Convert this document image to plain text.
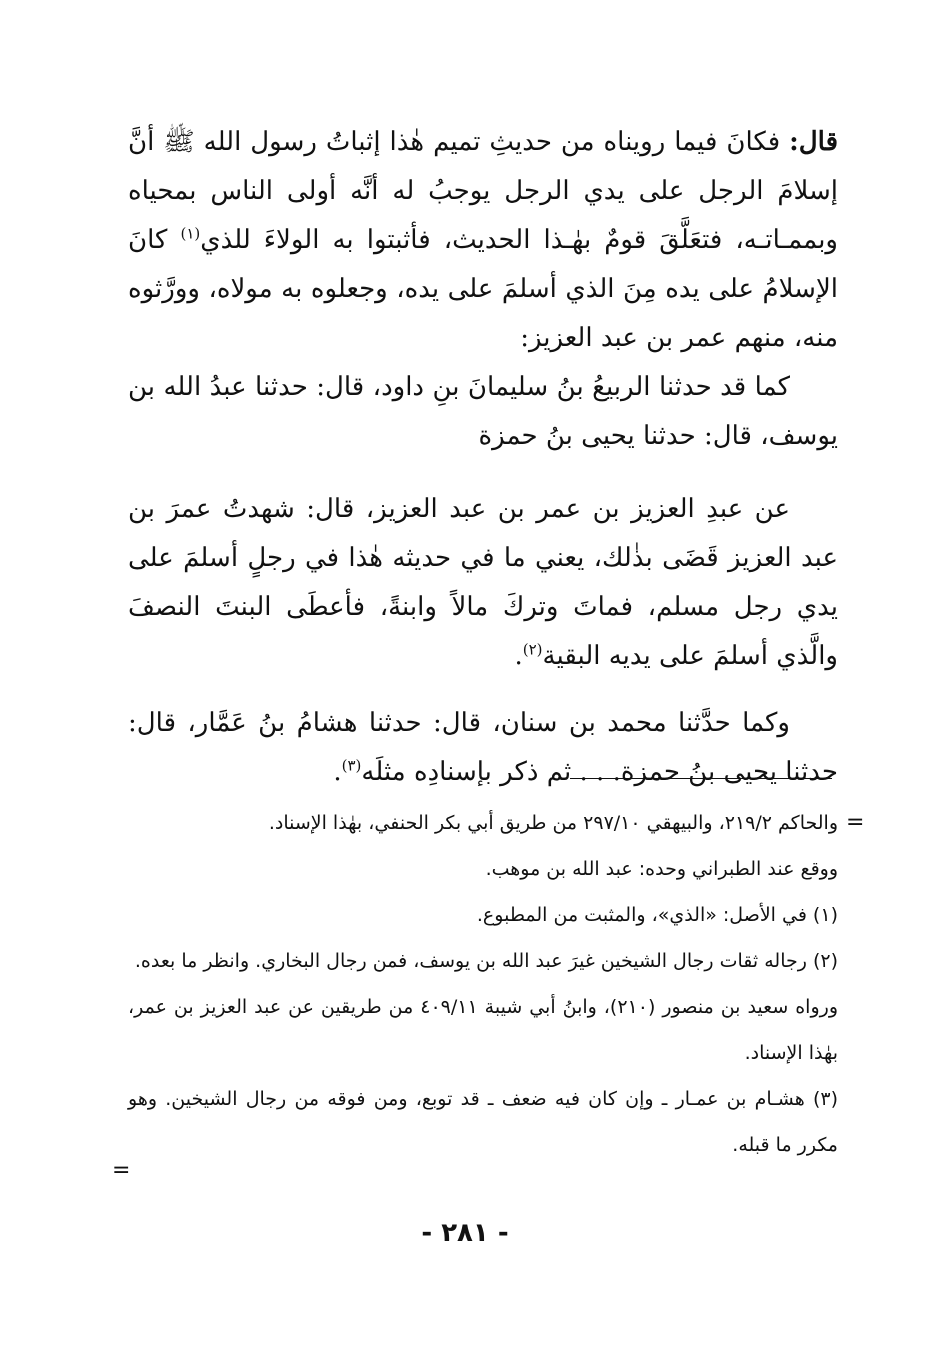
قال: فكانَ فيما رويناه من حديثِ تميم هٰذا إثباتُ رسول الله ﷺ أنَّ إسلامَ الرجل على يدي الرجل يوجبُ له أنَّه أولى الناس بمحياه وبممـاتـه، فتعَلَّقَ قومٌ بهٰـذا الحديث، فأثبتوا به الولاءَ للذي$^{(١)}$ كانَ الإسلامُ على يده مِنَ الذي أسلمَ على يده، وجعلوه به مولاه، وورَّثوه منه، منهم عمر بن عبد العزيز:

كما قد حدثنا الربيعُ بنُ سليمانَ بنِ داود، قال: حدثنا عبدُ الله بن يوسف، قال: حدثنا يحيى بنُ حمزة

عن عبدِ العزيز بن عمر بن عبد العزيز، قال: شهدتُ عمرَ بن عبد العزيز قَضَى بذٰلك، يعني ما في حديثه هٰذا في رجلٍ أسلمَ على يدي رجل مسلم، فماتَ وتركَ مالاً وابنةً، فأعطَى البنتَ النصفَ والَّذي أسلمَ على يديه البقية$^{(٢)}$.

وكما حدَّثنا محمد بن سنان، قال: حدثنا هشامُ بنُ عَمَّار، قال: حدثنا يحيى بنُ حمزة. . . ثم ذكر بإسنادِه مثلَه$^{(٣)}$.

=

والحاكم ٢١٩/٢، والبيهقي ٢٩٧/١٠ من طريق أبي بكر الحنفي، بهٰذا الإسناد.

ووقع عند الطبراني وحده: عبد الله بن موهب.

(١) في الأصل: «الذي»، والمثبت من المطبوع.

(٢) رجاله ثقات رجال الشيخين غيرَ عبد الله بن يوسف، فمن رجال البخاري. وانظر ما بعده.

ورواه سعيد بن منصور (٢١٠)، وابنُ أبي شيبة ٤٠٩/١١ من طريقين عن عبد العزيز بن عمر، بهٰذا الإسناد.

(٣) هشـام بن عمـار ـ وإن كان فيه ضعف ـ قد توبع، ومن فوقه من رجال الشيخين. وهو مكرر ما قبله.

=
- ٢٨١ -
